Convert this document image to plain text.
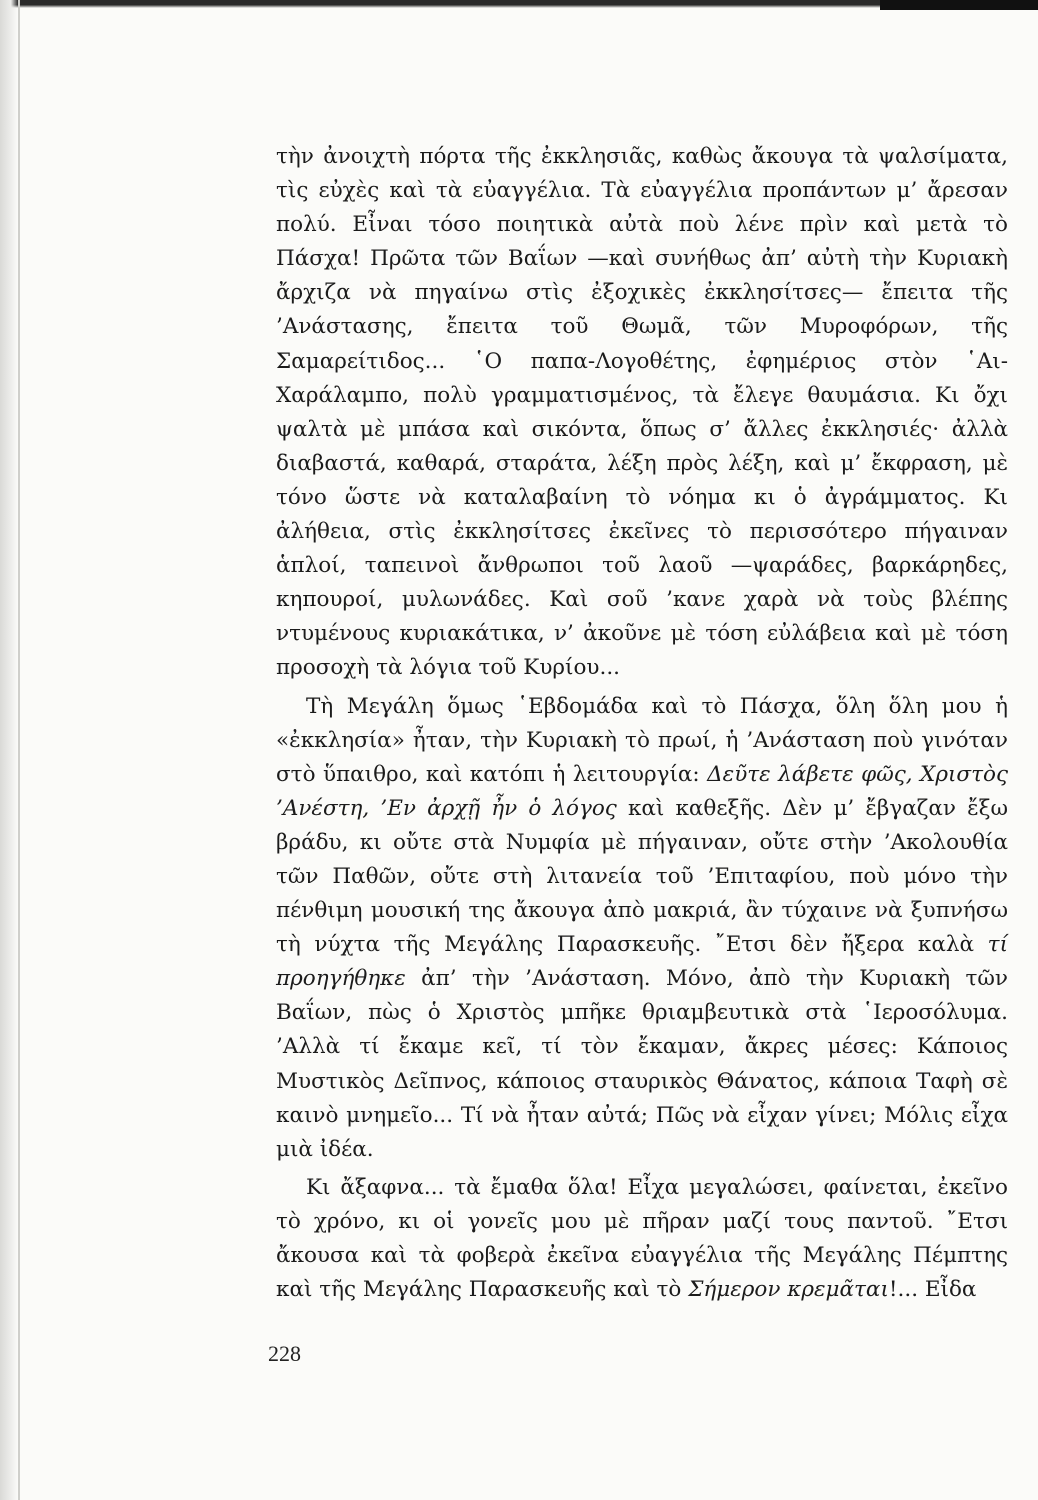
τὴν ἀνοιχτὴ πόρτα τῆς ἐκκλησιᾶς, καθὼς ἄκουγα τὰ ψαλσίματα, τὶς εὐχὲς καὶ τὰ εὐαγγέλια. Τὰ εὐαγγέλια προπάντων μ’ ἄρεσαν πολύ. Εἶναι τόσο ποιητικὰ αὐτὰ ποὺ λένε πρὶν καὶ μετὰ τὸ Πάσχα! Πρῶτα τῶν Βαΐων —καὶ συνήθως ἀπ’ αὐτὴ τὴν Κυριακὴ ἄρχιζα νὰ πηγαίνω στὶς ἐξοχικὲς ἐκκλησίτσες— ἔπειτα τῆς ’Ανάστασης, ἔπειτα τοῦ Θωμᾶ, τῶν Μυροφόρων, τῆς Σαμαρείτιδος... ῾Ο παπα-Λογοθέτης, ἐφημέριος στὸν ῾Αι-Χαράλαμπο, πολὺ γραμματισμένος, τὰ ἔλεγε θαυμάσια. Κι ὄχι ψαλτὰ μὲ μπάσα καὶ σικόντα, ὅπως σ’ ἄλλες ἐκκλησιές· ἀλλὰ διαβαστά, καθαρά, σταράτα, λέξη πρὸς λέξη, καὶ μ’ ἔκφραση, μὲ τόνο ὥστε νὰ καταλαβαίνη τὸ νόημα κι ὁ ἀγράμματος. Κι ἀλήθεια, στὶς ἐκκλησίτσες ἐκεῖνες τὸ περισσότερο πήγαιναν ἁπλοί, ταπεινοὶ ἄνθρωποι τοῦ λαοῦ —ψαράδες, βαρκάρηδες, κηπουροί, μυλωνάδες. Καὶ σοῦ ’κανε χαρὰ νὰ τοὺς βλέπης ντυμένους κυριακάτικα, ν’ ἀκοῦνε μὲ τόση εὐλάβεια καὶ μὲ τόση προσοχὴ τὰ λόγια τοῦ Κυρίου...

Τὴ Μεγάλη ὅμως ῾Εβδομάδα καὶ τὸ Πάσχα, ὅλη ὅλη μου ἡ «ἐκκλησία» ἦταν, τὴν Κυριακὴ τὸ πρωί, ἡ ’Ανάσταση ποὺ γινόταν στὸ ὕπαιθρο, καὶ κατόπι ἡ λειτουργία: Δεῦτε λάβετε φῶς, Χριστὸς ’Ανέστη, ’Εν ἀρχῇ ἦν ὁ λόγος καὶ καθεξῆς. Δὲν μ’ ἔβγαζαν ἔξω βράδυ, κι οὔτε στὰ Νυμφία μὲ πήγαιναν, οὔτε στὴν ’Ακολουθία τῶν Παθῶν, οὔτε στὴ λιτανεία τοῦ ’Επιταφίου, ποὺ μόνο τὴν πένθιμη μουσική της ἄκουγα ἀπὸ μακριά, ἂν τύχαινε νὰ ξυπνήσω τὴ νύχτα τῆς Μεγάλης Παρασκευῆς. ῎Ετσι δὲν ἤξερα καλὰ τί προηγήθηκε ἀπ’ τὴν ’Ανάσταση. Μόνο, ἀπὸ τὴν Κυριακὴ τῶν Βαΐων, πὼς ὁ Χριστὸς μπῆκε θριαμβευτικὰ στὰ ῾Ιεροσόλυμα. ’Αλλὰ τί ἔκαμε κεῖ, τί τὸν ἔκαμαν, ἄκρες μέσες: Κάποιος Μυστικὸς Δεῖπνος, κάποιος σταυρικὸς Θάνατος, κάποια Ταφὴ σὲ καινὸ μνημεῖο... Τί νὰ ἦταν αὐτά; Πῶς νὰ εἶχαν γίνει; Μόλις εἶχα μιὰ ἰδέα.

Κι ἄξαφνα... τὰ ἔμαθα ὅλα! Εἶχα μεγαλώσει, φαίνεται, ἐκεῖνο τὸ χρόνο, κι οἱ γονεῖς μου μὲ πῆραν μαζί τους παντοῦ. ῎Ετσι ἄκουσα καὶ τὰ φοβερὰ ἐκεῖνα εὐαγγέλια τῆς Μεγάλης Πέμπτης καὶ τῆς Μεγάλης Παρασκευῆς καὶ τὸ Σήμερον κρεμᾶται!... Εἶδα

228
